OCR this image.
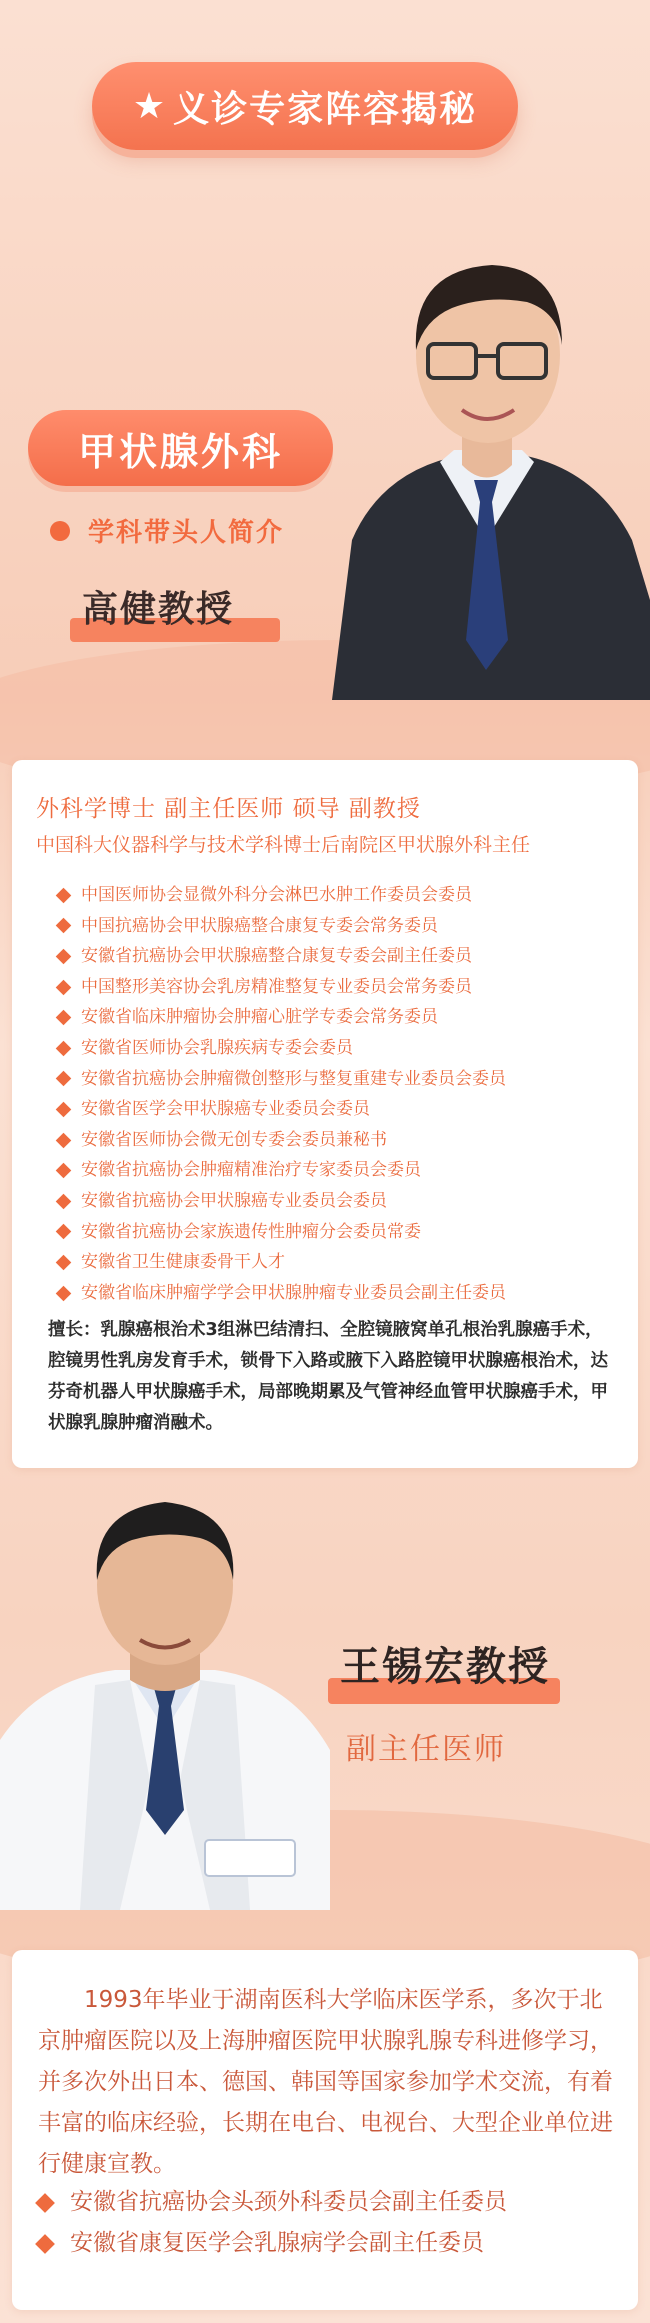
★ 义诊专家阵容揭秘
甲状腺外科
学科带头人简介
高健教授
外科学博士 副主任医师 硕导 副教授
中国科大仪器科学与技术学科博士后南院区甲状腺外科主任
中国医师协会显微外科分会淋巴水肿工作委员会委员
中国抗癌协会甲状腺癌整合康复专委会常务委员
安徽省抗癌协会甲状腺癌整合康复专委会副主任委员
中国整形美容协会乳房精准整复专业委员会常务委员
安徽省临床肿瘤协会肿瘤心脏学专委会常务委员
安徽省医师协会乳腺疾病专委会委员
安徽省抗癌协会肿瘤微创整形与整复重建专业委员会委员
安徽省医学会甲状腺癌专业委员会委员
安徽省医师协会微无创专委会委员兼秘书
安徽省抗癌协会肿瘤精准治疗专家委员会委员
安徽省抗癌协会甲状腺癌专业委员会委员
安徽省抗癌协会家族遗传性肿瘤分会委员常委
安徽省卫生健康委骨干人才
安徽省临床肿瘤学学会甲状腺肿瘤专业委员会副主任委员
擅长：乳腺癌根治术3组淋巴结清扫、全腔镜腋窝单孔根治乳腺癌手术，腔镜男性乳房发育手术，锁骨下入路或腋下入路腔镜甲状腺癌根治术，达芬奇机器人甲状腺癌手术，局部晚期累及气管神经血管甲状腺癌手术，甲状腺乳腺肿瘤消融术。
王锡宏教授
副主任医师

1993年毕业于湖南医科大学临床医学系，多次于北京肿瘤医院以及上海肿瘤医院甲状腺乳腺专科进修学习，并多次外出日本、德国、韩国等国家参加学术交流，有着丰富的临床经验，长期在电台、电视台、大型企业单位进行健康宣教。

安徽省抗癌协会头颈外科委员会副主任委员
安徽省康复医学会乳腺病学会副主任委员
